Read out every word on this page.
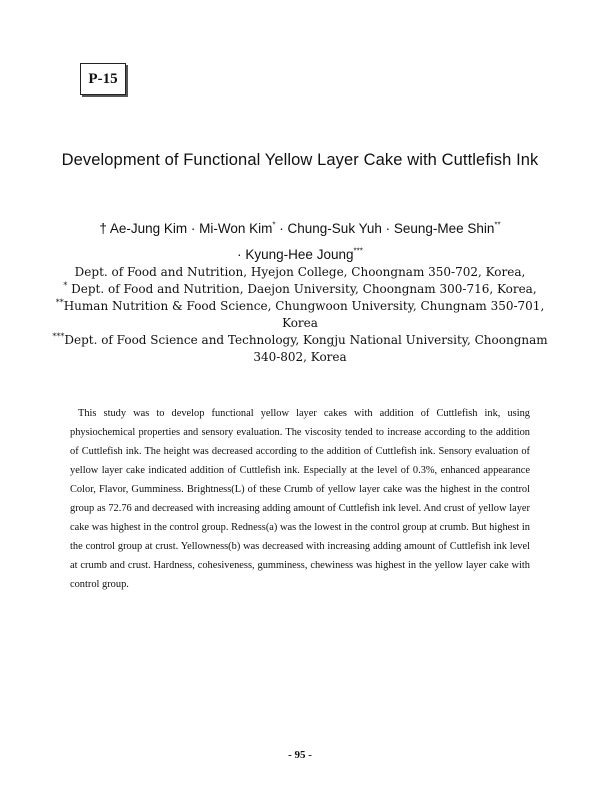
P-15
Development of Functional Yellow Layer Cake with Cuttlefish Ink
† Ae-Jung Kim · Mi-Won Kim* · Chung-Suk Yuh · Seung-Mee Shin**
· Kyung-Hee Joung***
Dept. of Food and Nutrition, Hyejon College, Choongnam 350-702, Korea,
* Dept. of Food and Nutrition, Daejon University, Choongnam 300-716, Korea,
**Human Nutrition & Food Science, Chungwoon University, Chungnam 350-701, Korea
***Dept. of Food Science and Technology, Kongju National University, Choongnam 340-802, Korea
This study was to develop functional yellow layer cakes with addition of Cuttlefish ink, using physiochemical properties and sensory evaluation. The viscosity tended to increase according to the addition of Cuttlefish ink. The height was decreased according to the addition of Cuttlefish ink. Sensory evaluation of yellow layer cake indicated addition of Cuttlefish ink. Especially at the level of 0.3%, enhanced appearance Color, Flavor, Gumminess. Brightness(L) of these Crumb of yellow layer cake was the highest in the control group as 72.76 and decreased with increasing adding amount of Cuttlefish ink level. And crust of yellow layer cake was highest in the control group. Redness(a) was the lowest in the control group at crumb. But highest in the control group at crust. Yellowness(b) was decreased with increasing adding amount of Cuttlefish ink level at crumb and crust. Hardness, cohesiveness, gumminess, chewiness was highest in the yellow layer cake with control group.
- 95 -
